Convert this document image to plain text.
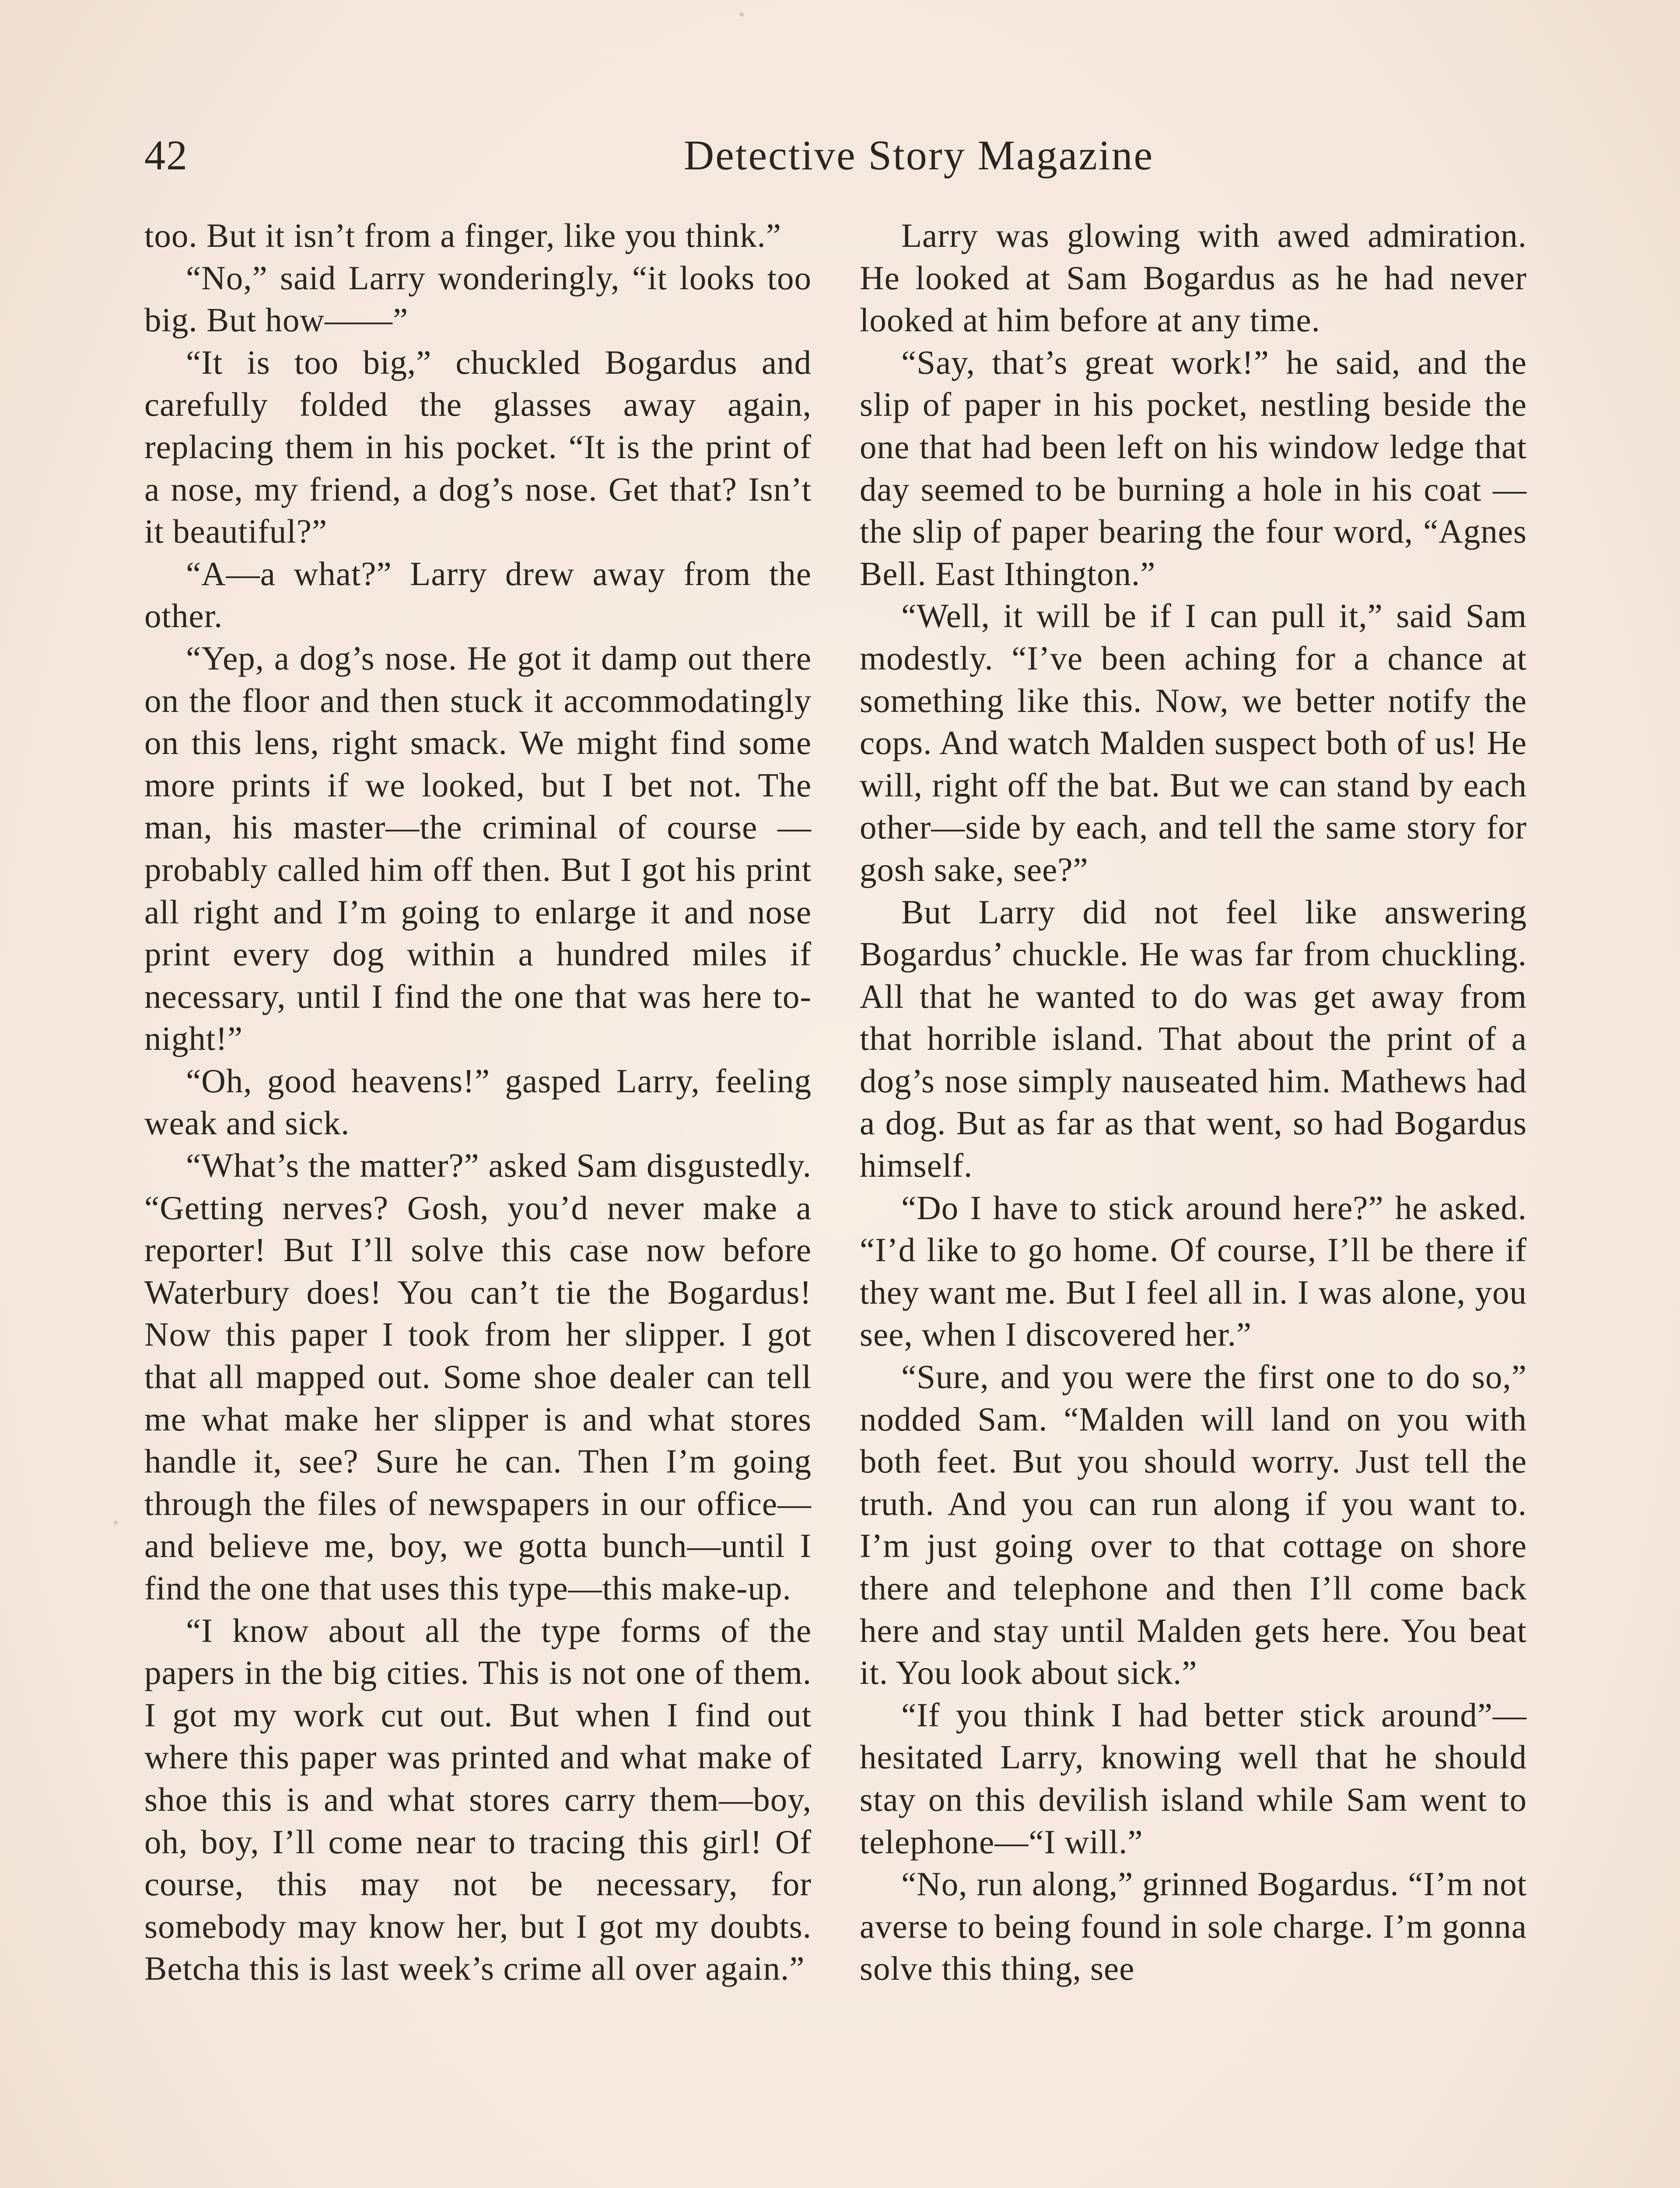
42	Detective Story Magazine

too. But it isn’t from a finger, like you think.”

“No,” said Larry wonderingly, “it looks too big. But how——”

“It is too big,” chuckled Bogardus and carefully folded the glasses away again, replacing them in his pocket. “It is the print of a nose, my friend, a dog’s nose. Get that? Isn’t it beautiful?”

“A—a what?” Larry drew away from the other.

“Yep, a dog’s nose. He got it damp out there on the floor and then stuck it accommodatingly on this lens, right smack. We might find some more prints if we looked, but I bet not. The man, his master—the criminal of course —probably called him off then. But I got his print all right and I’m going to enlarge it and nose print every dog within a hundred miles if necessary, until I find the one that was here to-night!”

“Oh, good heavens!” gasped Larry, feeling weak and sick.

“What’s the matter?” asked Sam disgustedly. “Getting nerves? Gosh, you’d never make a reporter! But I’ll solve this case now before Waterbury does! You can’t tie the Bogardus! Now this paper I took from her slipper. I got that all mapped out. Some shoe dealer can tell me what make her slipper is and what stores handle it, see? Sure he can. Then I’m going through the files of newspapers in our office—and believe me, boy, we gotta bunch—until I find the one that uses this type—this make-up.

“I know about all the type forms of the papers in the big cities. This is not one of them. I got my work cut out. But when I find out where this paper was printed and what make of shoe this is and what stores carry them—boy, oh, boy, I’ll come near to tracing this girl! Of course, this may not be necessary, for somebody may know her, but I got my doubts. Betcha this is last week’s crime all over again.”

Larry was glowing with awed admiration. He looked at Sam Bogardus as he had never looked at him before at any time.

“Say, that’s great work!” he said, and the slip of paper in his pocket, nestling beside the one that had been left on his window ledge that day seemed to be burning a hole in his coat —the slip of paper bearing the four word, “Agnes Bell. East Ithington.”

“Well, it will be if I can pull it,” said Sam modestly. “I’ve been aching for a chance at something like this. Now, we better notify the cops. And watch Malden suspect both of us! He will, right off the bat. But we can stand by each other—side by each, and tell the same story for gosh sake, see?”

But Larry did not feel like answering Bogardus’ chuckle. He was far from chuckling. All that he wanted to do was get away from that horrible island. That about the print of a dog’s nose simply nauseated him. Mathews had a dog. But as far as that went, so had Bogardus himself.

“Do I have to stick around here?” he asked. “I’d like to go home. Of course, I’ll be there if they want me. But I feel all in. I was alone, you see, when I discovered her.”

“Sure, and you were the first one to do so,” nodded Sam. “Malden will land on you with both feet. But you should worry. Just tell the truth. And you can run along if you want to. I’m just going over to that cottage on shore there and telephone and then I’ll come back here and stay until Malden gets here. You beat it. You look about sick.”

“If you think I had better stick around”—hesitated Larry, knowing well that he should stay on this devilish island while Sam went to telephone—“I will.”

“No, run along,” grinned Bogardus. “I’m not averse to being found in sole charge. I’m gonna solve this thing, see
